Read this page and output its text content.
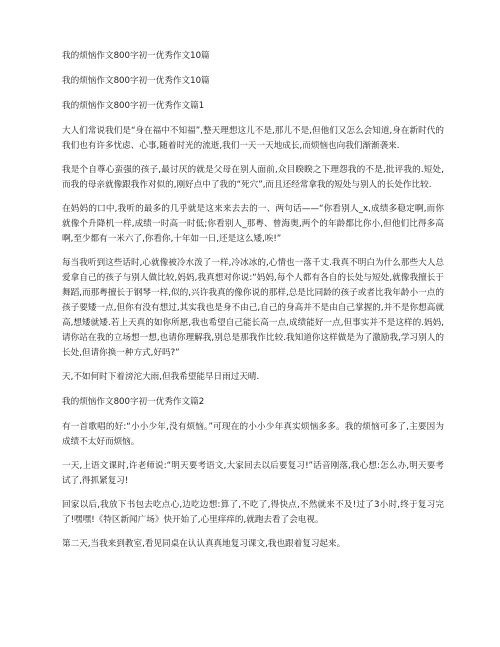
我的烦恼作文800字初一优秀作文10篇
我的烦恼作文800字初一优秀作文10篇
我的烦恼作文800字初一优秀作文篇1

大人们常说我们是“身在福中不知福”,整天理想这儿不是,那儿不是,但他们又怎么会知道,身在新时代的我们也有许多忧虑、心事,随着时光的流逝,我们一天一天地成长,而烦恼也向我们渐渐袭来.

我是个自尊心蛮强的孩子,最讨厌的就是父母在别人面前,众目睽睽之下理怨我的不是,批评我的.短处,而我的母亲就像跟我作对似的,刚好点中了我的“死穴”,而且还经常拿我的短处与别人的长处作比较.

在妈妈的口中,我听的最多的几乎就是这来来去去的一、两句话——“你看别人_x,成绩多稳定啊,而你就像个升降机一样,成绩一时高一时低;你看别人_那粤、曾海奥,两个的年龄都比你小,但他们比得多高啊,至少都有一米六了,你看你,十年如一日,还是这么矮,唉!”

每当我听到这些话时,心就像被冷水泼了一样,冷冰冰的,心情也一落千丈.我真不明白为什么那些大人总爱拿自己的孩子与别人做比较,妈妈,我真想对你说:“妈妈,每个人都有各自的长处与短处,就像我擅长于舞蹈,而那粤擅长于钢琴一样,似的,兴许我真的像你说的那样,总是比同龄的孩子或者比我年龄小一点的孩子要矮一点,但你有没有想过,其实我也是身不由己,自己的身高并不是由自己掌握的,并不是你想高就高,想矮就矮.若上天真的如你所愿,我也希望自己能长高一点,成绩能好一点,但事实并不是这样的.妈妈,请你站在我的立场想一想,也请你理解我,别总是那我作比较.我知道你这样做是为了激励我,学习别人的长处,但请你换一种方式,好吗?”

天,不如何时下着滂沱大雨,但我希望能早日雨过天晴.

我的烦恼作文800字初一优秀作文篇2

有一首歌唱的好:“小小少年,没有烦恼。”可现在的小小少年真实烦恼多多。我的烦恼可多了,主要因为成绩不太好而烦恼。

一天,上语文课时,许老师说:“明天要考语文,大家回去以后要复习!”话音刚落,我心想:怎么办,明天要考试了,得抓紧复习!

回家以后,我放下书包去吃点心,边吃边想:算了,不吃了,得快点,不然就来不及!过了3小时,终于复习完了!嘿嘿!《特区新闻广场》快开始了,心里痒痒的,就跑去看了会电视。

第二天,当我来到教室,看见同桌在认认真真地复习课文,我也跟着复习起来。
